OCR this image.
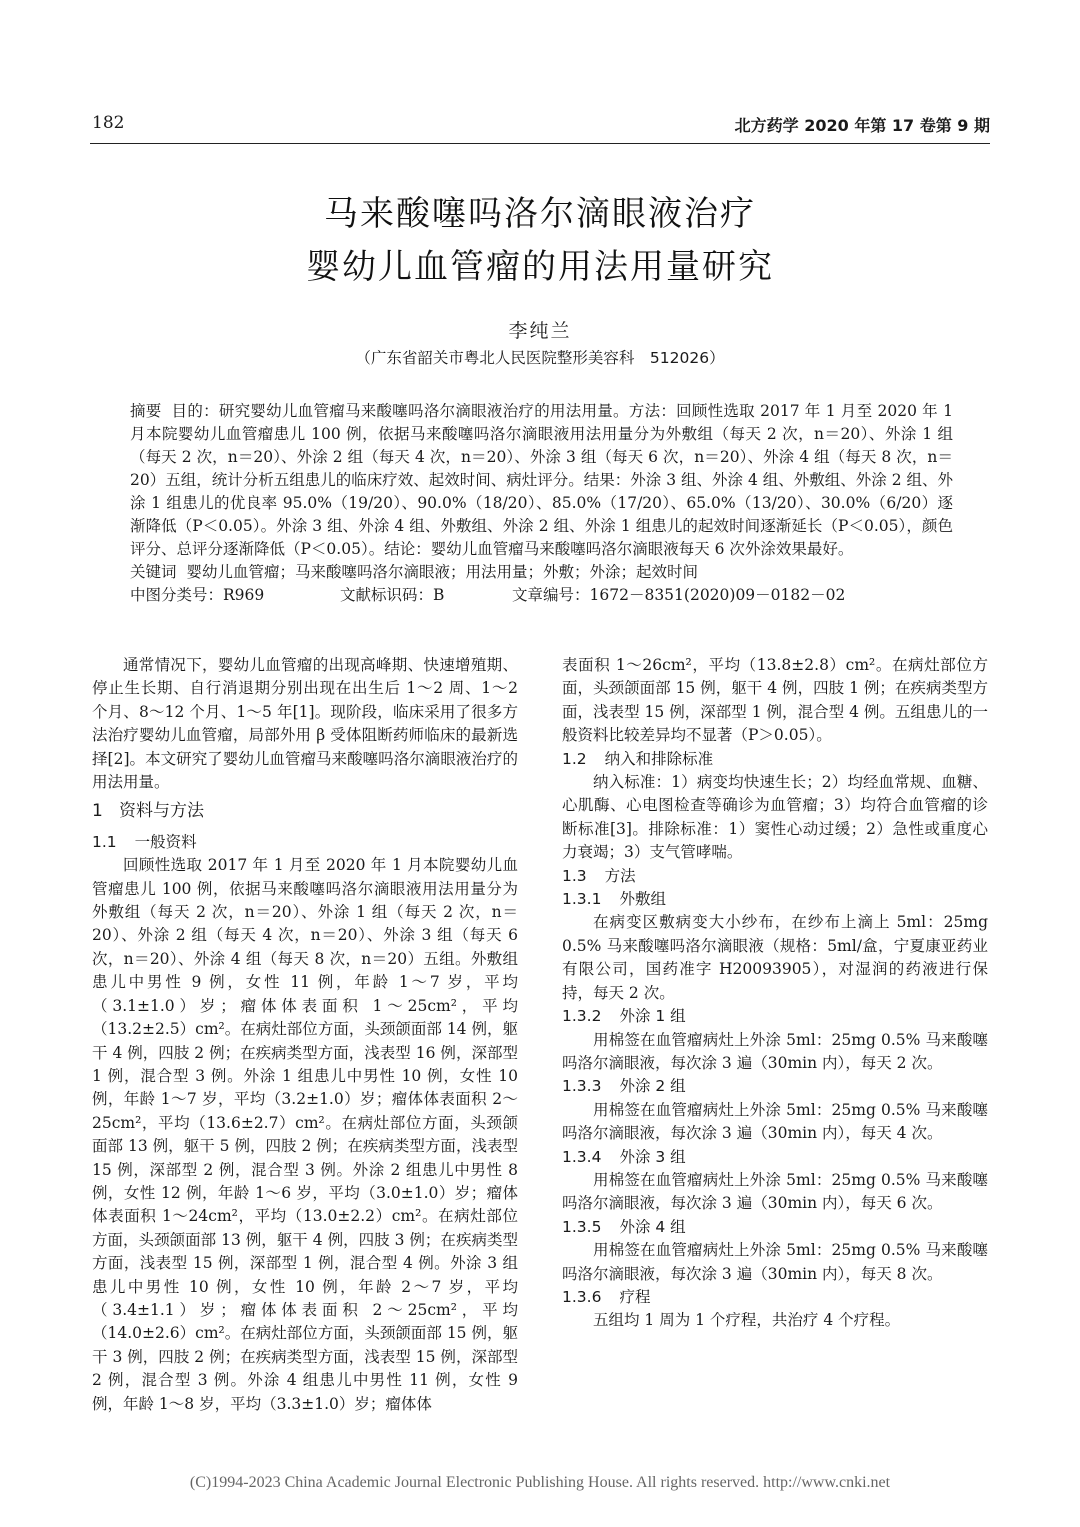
182	北方药学 2020 年第 17 卷第 9 期
马来酸噻吗洛尔滴眼液治疗
婴幼儿血管瘤的用法用量研究
李纯兰
（广东省韶关市粤北人民医院整形美容科　512026）

摘要 目的：研究婴幼儿血管瘤马来酸噻吗洛尔滴眼液治疗的用法用量。方法：回顾性选取 2017 年 1 月至 2020 年 1 月本院婴幼儿血管瘤患儿 100 例，依据马来酸噻吗洛尔滴眼液用法用量分为外敷组（每天 2 次，n＝20）、外涂 1 组（每天 2 次，n＝20）、外涂 2 组（每天 4 次，n＝20）、外涂 3 组（每天 6 次，n＝20）、外涂 4 组（每天 8 次，n＝20）五组，统计分析五组患儿的临床疗效、起效时间、病灶评分。结果：外涂 3 组、外涂 4 组、外敷组、外涂 2 组、外涂 1 组患儿的优良率 95.0%（19/20）、90.0%（18/20）、85.0%（17/20）、65.0%（13/20）、30.0%（6/20）逐渐降低（P＜0.05）。外涂 3 组、外涂 4 组、外敷组、外涂 2 组、外涂 1 组患儿的起效时间逐渐延长（P＜0.05），颜色评分、总评分逐渐降低（P＜0.05）。结论：婴幼儿血管瘤马来酸噻吗洛尔滴眼液每天 6 次外涂效果最好。

关键词 婴幼儿血管瘤；马来酸噻吗洛尔滴眼液；用法用量；外敷；外涂；起效时间

中图分类号：R969	文献标识码：B	文章编号：1672－8351(2020)09－0182－02

通常情况下，婴幼儿血管瘤的出现高峰期、快速增殖期、停止生长期、自行消退期分别出现在出生后 1～2 周、1～2 个月、8～12 个月、1～5 年[1]。现阶段，临床采用了很多方法治疗婴幼儿血管瘤，局部外用 β 受体阻断药师临床的最新选择[2]。本文研究了婴幼儿血管瘤马来酸噻吗洛尔滴眼液治疗的用法用量。

1 资料与方法
1.1 一般资料

回顾性选取 2017 年 1 月至 2020 年 1 月本院婴幼儿血管瘤患儿 100 例，依据马来酸噻吗洛尔滴眼液用法用量分为外敷组（每天 2 次，n＝20）、外涂 1 组（每天 2 次，n＝20）、外涂 2 组（每天 4 次，n＝20）、外涂 3 组（每天 6 次，n＝20）、外涂 4 组（每天 8 次，n＝20）五组。外敷组患儿中男性 9 例，女性 11 例，年龄 1～7 岁，平均（3.1±1.0）岁；瘤体体表面积 1～25cm²，平均（13.2±2.5）cm²。在病灶部位方面，头颈颌面部 14 例，躯干 4 例，四肢 2 例；在疾病类型方面，浅表型 16 例，深部型 1 例，混合型 3 例。外涂 1 组患儿中男性 10 例，女性 10 例，年龄 1～7 岁，平均（3.2±1.0）岁；瘤体体表面积 2～25cm²，平均（13.6±2.7）cm²。在病灶部位方面，头颈颌面部 13 例，躯干 5 例，四肢 2 例；在疾病类型方面，浅表型 15 例，深部型 2 例，混合型 3 例。外涂 2 组患儿中男性 8 例，女性 12 例，年龄 1～6 岁，平均（3.0±1.0）岁；瘤体体表面积 1～24cm²，平均（13.0±2.2）cm²。在病灶部位方面，头颈颌面部 13 例，躯干 4 例，四肢 3 例；在疾病类型方面，浅表型 15 例，深部型 1 例，混合型 4 例。外涂 3 组患儿中男性 10 例，女性 10 例，年龄 2～7 岁，平均（3.4±1.1）岁；瘤体体表面积 2～25cm²，平均（14.0±2.6）cm²。在病灶部位方面，头颈颌面部 15 例，躯干 3 例，四肢 2 例；在疾病类型方面，浅表型 15 例，深部型 2 例，混合型 3 例。外涂 4 组患儿中男性 11 例，女性 9 例，年龄 1～8 岁，平均（3.3±1.0）岁；瘤体体

表面积 1～26cm²，平均（13.8±2.8）cm²。在病灶部位方面，头颈颌面部 15 例，躯干 4 例，四肢 1 例；在疾病类型方面，浅表型 15 例，深部型 1 例，混合型 4 例。五组患儿的一般资料比较差异均不显著（P＞0.05）。

1.2 纳入和排除标准

纳入标准：1）病变均快速生长；2）均经血常规、血糖、心肌酶、心电图检查等确诊为血管瘤；3）均符合血管瘤的诊断标准[3]。排除标准：1）窦性心动过缓；2）急性或重度心力衰竭；3）支气管哮喘。

1.3 方法
1.3.1 外敷组

在病变区敷病变大小纱布，在纱布上滴上 5ml：25mg 0.5% 马来酸噻吗洛尔滴眼液（规格：5ml/盒，宁夏康亚药业有限公司，国药准字 H20093905），对湿润的药液进行保持，每天 2 次。

1.3.2 外涂 1 组

用棉签在血管瘤病灶上外涂 5ml：25mg 0.5% 马来酸噻吗洛尔滴眼液，每次涂 3 遍（30min 内），每天 2 次。

1.3.3 外涂 2 组

用棉签在血管瘤病灶上外涂 5ml：25mg 0.5% 马来酸噻吗洛尔滴眼液，每次涂 3 遍（30min 内），每天 4 次。

1.3.4 外涂 3 组

用棉签在血管瘤病灶上外涂 5ml：25mg 0.5% 马来酸噻吗洛尔滴眼液，每次涂 3 遍（30min 内），每天 6 次。

1.3.5 外涂 4 组

用棉签在血管瘤病灶上外涂 5ml：25mg 0.5% 马来酸噻吗洛尔滴眼液，每次涂 3 遍（30min 内），每天 8 次。

1.3.6 疗程

五组均 1 周为 1 个疗程，共治疗 4 个疗程。

(C)1994-2023 China Academic Journal Electronic Publishing House. All rights reserved. http://www.cnki.net
